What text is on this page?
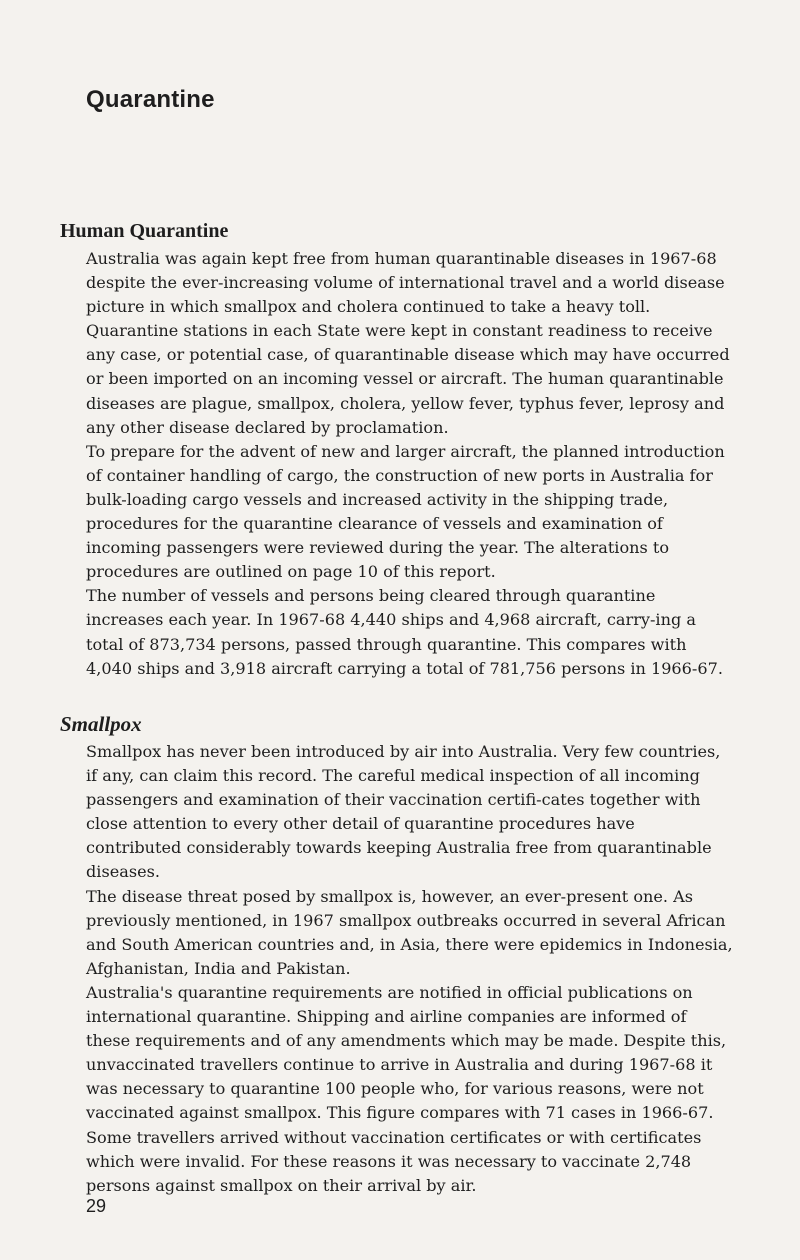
Quarantine
Human Quarantine

Australia was again kept free from human quarantinable diseases in 1967-68 despite the ever-increasing volume of international travel and a world disease picture in which smallpox and cholera continued to take a heavy toll.

Quarantine stations in each State were kept in constant readiness to receive any case, or potential case, of quarantinable disease which may have occurred or been imported on an incoming vessel or aircraft. The human quarantinable diseases are plague, smallpox, cholera, yellow fever, typhus fever, leprosy and any other disease declared by proclamation.

To prepare for the advent of new and larger aircraft, the planned introduction of container handling of cargo, the construction of new ports in Australia for bulk-loading cargo vessels and increased activity in the shipping trade, procedures for the quarantine clearance of vessels and examination of incoming passengers were reviewed during the year. The alterations to procedures are outlined on page 10 of this report.

The number of vessels and persons being cleared through quarantine increases each year. In 1967-68 4,440 ships and 4,968 aircraft, carry-ing a total of 873,734 persons, passed through quarantine. This compares with 4,040 ships and 3,918 aircraft carrying a total of 781,756 persons in 1966-67.

Smallpox

Smallpox has never been introduced by air into Australia. Very few countries, if any, can claim this record. The careful medical inspection of all incoming passengers and examination of their vaccination certifi-cates together with close attention to every other detail of quarantine procedures have contributed considerably towards keeping Australia free from quarantinable diseases.

The disease threat posed by smallpox is, however, an ever-present one. As previously mentioned, in 1967 smallpox outbreaks occurred in several African and South American countries and, in Asia, there were epidemics in Indonesia, Afghanistan, India and Pakistan.

Australia's quarantine requirements are notified in official publications on international quarantine. Shipping and airline companies are informed of these requirements and of any amendments which may be made. Despite this, unvaccinated travellers continue to arrive in Australia and during 1967-68 it was necessary to quarantine 100 people who, for various reasons, were not vaccinated against smallpox. This figure compares with 71 cases in 1966-67. Some travellers arrived without vaccination certificates or with certificates which were invalid. For these reasons it was necessary to vaccinate 2,748 persons against smallpox on their arrival by air.

29
